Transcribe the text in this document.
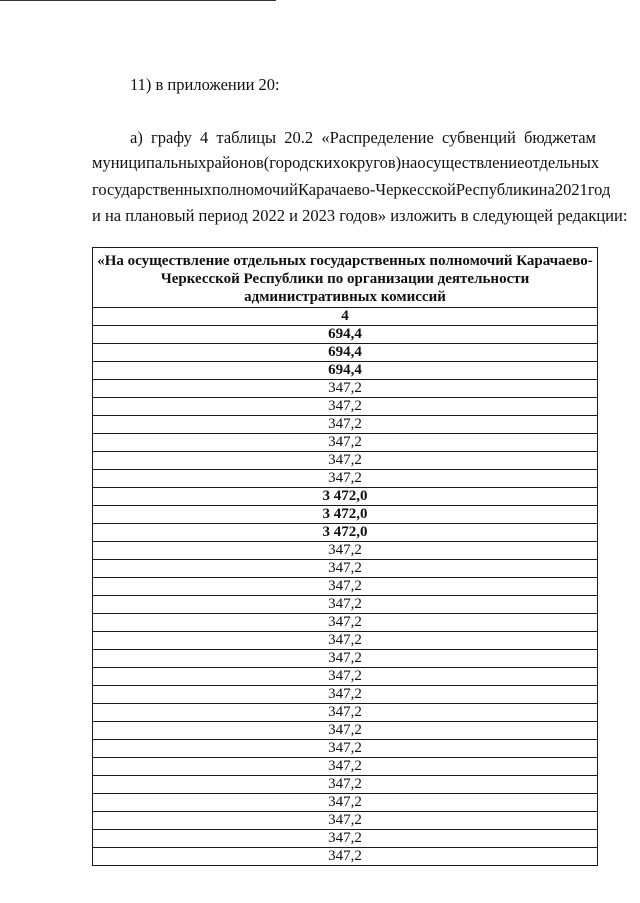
11) в приложении 20:
а) графу 4 таблицы 20.2 «Распределение субвенций бюджетам
муниципальных районов (городских округов) на осуществление отдельных
государственных полномочий Карачаево-Черкесской Республики на 2021 год
и на плановый период 2022 и 2023 годов» изложить в следующей редакции:
«На осуществление отдельных государственных полномочий Карачаево-Черкесской Республики по организации деятельности административных комиссий
4
694,4
694,4
694,4
347,2
347,2
347,2
347,2
347,2
347,2
3 472,0
3 472,0
3 472,0
347,2
347,2
347,2
347,2
347,2
347,2
347,2
347,2
347,2
347,2
347,2
347,2
347,2
347,2
347,2
347,2
347,2
347,2
